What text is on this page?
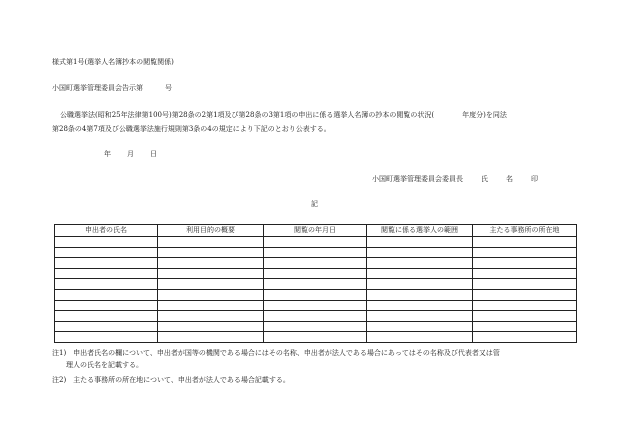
様式第1号(選挙人名簿抄本の閲覧関係)
小国町選挙管理委員会告示第	号
公職選挙法(昭和25年法律第100号)第28条の2第1項及び第28条の3第1項の申出に係る選挙人名簿の抄本の閲覧の状況(　　　　年度分)を同法
第28条の4第7項及び公職選挙法施行規則第3条の4の規定により下記のとおり公表する。
年 月 日
小国町選挙管理委員会委員長	氏	名	印
記
申出者の氏名	利用目的の概要	閲覧の年月日	閲覧に係る選挙人の範囲	主たる事務所の所在地

注1)　申出者氏名の欄について、申出者が国等の機関である場合にはその名称、申出者が法人である場合にあってはその名称及び代表者又は管
理人の氏名を記載する。
注2)　主たる事務所の所在地について、申出者が法人である場合記載する。
